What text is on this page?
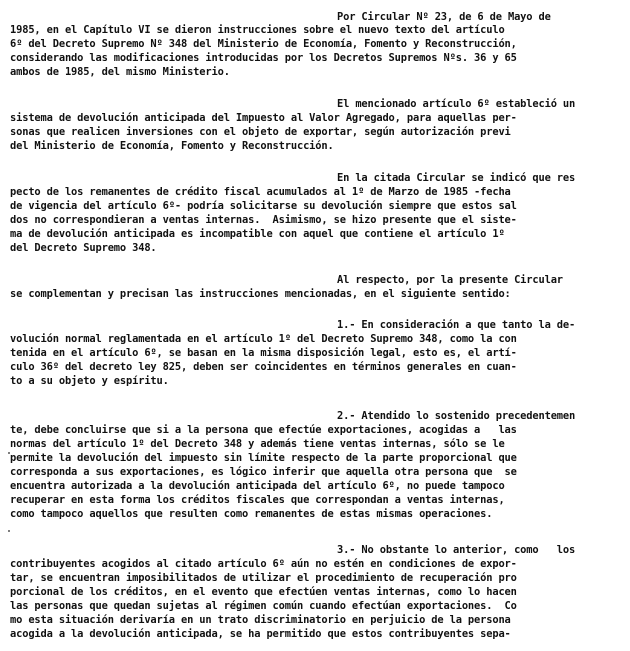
Por Circular Nº 23, de 6 de Mayo de
1985, en el Capítulo VI se dieron instrucciones sobre el nuevo texto del artículo
6º del Decreto Supremo Nº 348 del Ministerio de Economía, Fomento y Reconstrucción,
considerando las modificaciones introducidas por los Decretos Supremos Nºs. 36 y 65
ambos de 1985, del mismo Ministerio.
El mencionado artículo 6º estableció un
sistema de devolución anticipada del Impuesto al Valor Agregado, para aquellas per-
sonas que realicen inversiones con el objeto de exportar, según autorización previ
del Ministerio de Economía, Fomento y Reconstrucción.
En la citada Circular se indicó que res
pecto de los remanentes de crédito fiscal acumulados al 1º de Marzo de 1985 -fecha
de vigencia del artículo 6º- podría solicitarse su devolución siempre que estos sal
dos no correspondieran a ventas internas.  Asimismo, se hizo presente que el siste-
ma de devolución anticipada es incompatible con aquel que contiene el artículo 1º
del Decreto Supremo 348.
Al respecto, por la presente Circular
se complementan y precisan las instrucciones mencionadas, en el siguiente sentido:
1.- En consideración a que tanto la de-
volución normal reglamentada en el artículo 1º del Decreto Supremo 348, como la con
tenida en el artículo 6º, se basan en la misma disposición legal, esto es, el artí-
culo 36º del decreto ley 825, deben ser coincidentes en términos generales en cuan-
to a su objeto y espíritu.
2.- Atendido lo sostenido precedentemen
te, debe concluirse que si a la persona que efectúe exportaciones, acogidas a   las
normas del artículo 1º del Decreto 348 y además tiene ventas internas, sólo se le
permite la devolución del impuesto sin límite respecto de la parte proporcional que
corresponda a sus exportaciones, es lógico inferir que aquella otra persona que  se
encuentra autorizada a la devolución anticipada del artículo 6º, no puede tampoco
recuperar en esta forma los créditos fiscales que correspondan a ventas internas,
como tampoco aquellos que resulten como remanentes de estas mismas operaciones.
3.- No obstante lo anterior, como   los
contribuyentes acogidos al citado artículo 6º aún no estén en condiciones de expor-
tar, se encuentran imposibilitados de utilizar el procedimiento de recuperación pro
porcional de los créditos, en el evento que efectúen ventas internas, como lo hacen
las personas que quedan sujetas al régimen común cuando efectúan exportaciones.  Co
mo esta situación derivaría en un trato discriminatorio en perjuicio de la persona
acogida a la devolución anticipada, se ha permitido que estos contribuyentes sepa-
